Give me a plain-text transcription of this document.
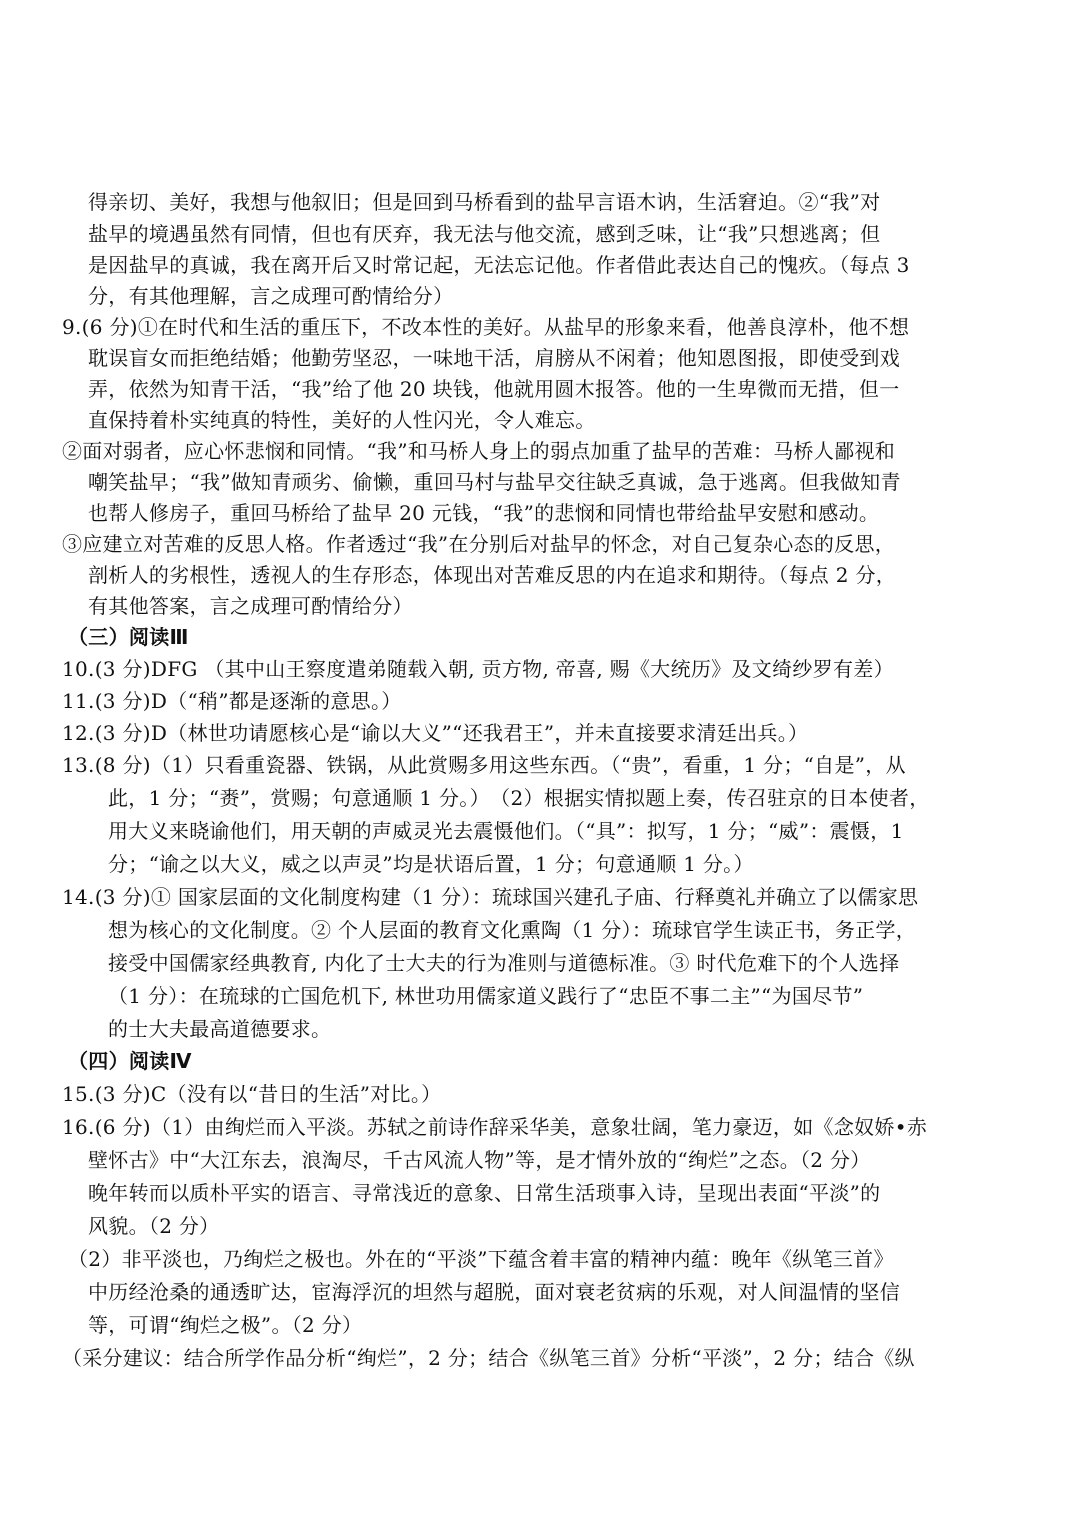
得亲切、美好，我想与他叙旧；但是回到马桥看到的盐早言语木讷，生活窘迫。②“我”对
盐早的境遇虽然有同情，但也有厌弃，我无法与他交流，感到乏味，让“我”只想逃离；但
是因盐早的真诚，我在离开后又时常记起，无法忘记他。作者借此表达自己的愧疚。（每点 3
分，有其他理解，言之成理可酌情给分）
9.(6 分)①在时代和生活的重压下，不改本性的美好。从盐早的形象来看，他善良淳朴，他不想
耽误盲女而拒绝结婚；他勤劳坚忍，一味地干活，肩膀从不闲着；他知恩图报，即使受到戏
弄，依然为知青干活，“我”给了他 20 块钱，他就用圆木报答。他的一生卑微而无措，但一
直保持着朴实纯真的特性，美好的人性闪光，令人难忘。
②面对弱者，应心怀悲悯和同情。“我”和马桥人身上的弱点加重了盐早的苦难：马桥人鄙视和
嘲笑盐早；“我”做知青顽劣、偷懒，重回马村与盐早交往缺乏真诚，急于逃离。但我做知青
也帮人修房子，重回马桥给了盐早 20 元钱，“我”的悲悯和同情也带给盐早安慰和感动。
③应建立对苦难的反思人格。作者透过“我”在分别后对盐早的怀念，对自己复杂心态的反思，
剖析人的劣根性，透视人的生存形态，体现出对苦难反思的内在追求和期待。（每点 2 分，
有其他答案，言之成理可酌情给分）
（三）阅读Ⅲ
10.(3 分)DFG （其中山王察度遣弟随载入朝, 贡方物, 帝喜, 赐《大统历》及文绮纱罗有差）
11.(3 分)D（“稍”都是逐渐的意思。）
12.(3 分)D（林世功请愿核心是“谕以大义”“还我君王”，并未直接要求清廷出兵。）
13.(8 分)（1）只看重瓷器、铁锅，从此赏赐多用这些东西。（“贵”，看重，1 分；“自是”，从
此，1 分；“赉”，赏赐；句意通顺 1 分。）　（2）根据实情拟题上奏，传召驻京的日本使者，
用大义来晓谕他们，用天朝的声威灵光去震慑他们。（“具”：拟写，1 分；“威”：震慑，1
分；“谕之以大义，威之以声灵”均是状语后置，1 分；句意通顺 1 分。）
14.(3 分)① 国家层面的文化制度构建（1 分）：琉球国兴建孔子庙、行释奠礼并确立了以儒家思
想为核心的文化制度。② 个人层面的教育文化熏陶（1 分）：琉球官学生读正书，务正学，
接受中国儒家经典教育, 内化了士大夫的行为准则与道德标准。③ 时代危难下的个人选择
（1 分）：在琉球的亡国危机下, 林世功用儒家道义践行了“忠臣不事二主”“为国尽节”
的士大夫最高道德要求。
（四）阅读Ⅳ
15.(3 分)C（没有以“昔日的生活”对比。）
16.(6 分)（1）由绚烂而入平淡。苏轼之前诗作辞采华美，意象壮阔，笔力豪迈，如《念奴娇•赤
壁怀古》中“大江东去，浪淘尽，千古风流人物”等，是才情外放的“绚烂”之态。（2 分）
晚年转而以质朴平实的语言、寻常浅近的意象、日常生活琐事入诗，呈现出表面“平淡”的
风貌。（2 分）
（2）非平淡也，乃绚烂之极也。外在的“平淡”下蕴含着丰富的精神内蕴：晚年《纵笔三首》
中历经沧桑的通透旷达，宦海浮沉的坦然与超脱，面对衰老贫病的乐观，对人间温情的坚信
等，可谓“绚烂之极”。（2 分）
（采分建议：结合所学作品分析“绚烂”，2 分；结合《纵笔三首》分析“平淡”，2 分；结合《纵
